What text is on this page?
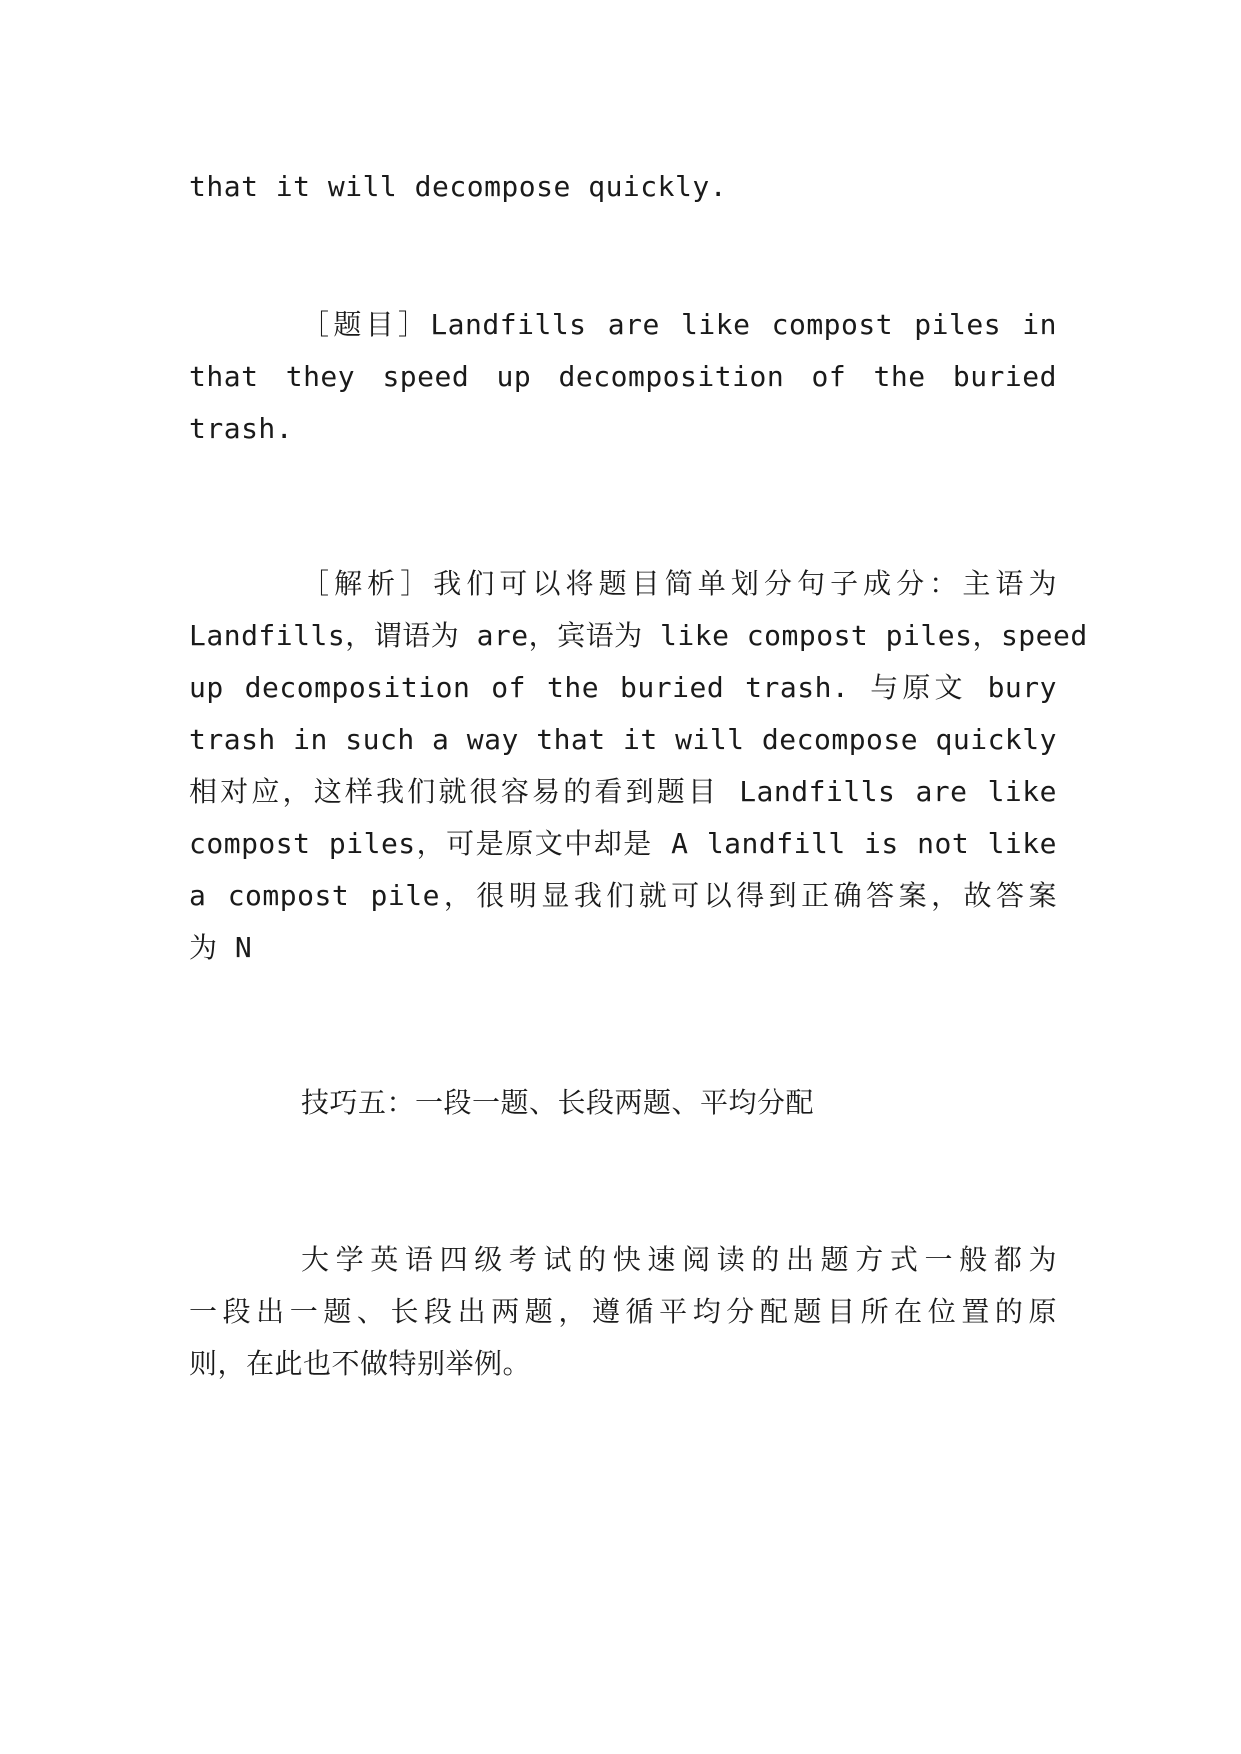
that it will decompose quickly.
［题目］Landfills are like compost piles in
that they speed up decomposition of the buried
trash.
［解析］我们可以将题目简单划分句子成分：主语为
Landfills，谓语为 are，宾语为 like compost piles，speed
up decomposition of the buried trash. 与原文 bury
trash in such a way that it will decompose quickly
相对应，这样我们就很容易的看到题目 Landfills are like
compost piles，可是原文中却是 A landfill is not like
a compost pile，很明显我们就可以得到正确答案，故答案
为 N
技巧五：一段一题、长段两题、平均分配
大学英语四级考试的快速阅读的出题方式一般都为
一段出一题、长段出两题，遵循平均分配题目所在位置的原
则，在此也不做特别举例。
